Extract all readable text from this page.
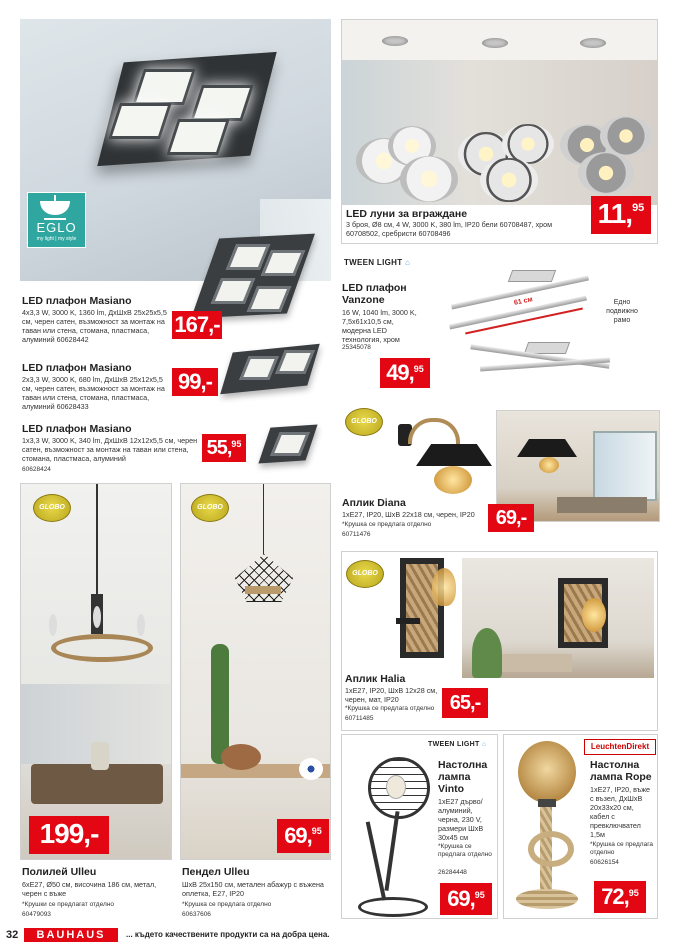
EGLO
my light | my style
LED плафон Masiano
4x3,3 W, 3000 K, 1360 lm, ДхШхВ 25x25x5,5 см, черен сатен, възможност за монтаж на таван или стена, стомана, пластмаса, алуминий 60628442
167,-
LED плафон Masiano
2x3,3 W, 3000 K, 680 lm, ДхШхВ 25x12x5,5 см, черен сатен, възможност за монтаж на таван или стена, стомана, пластмаса, алуминий 60628433
99,-
LED плафон Masiano
1x3,3 W, 3000 K, 340 lm, ДхШхВ 12x12x5,5 см, черен сатен, възможност за монтаж на таван или стена, стомана, пластмаса, алуминий
60628424
55, 95
LED луни за вграждане
3 броя, Ø8 см, 4 W, 3000 K, 380 lm, IP20 бели 60708487, хром 60708502, сребристи 60708496
11, 95
TWEEN LIGHT ⌂
LED плафон Vanzone
16 W, 1040 lm, 3000 K, 7,5x61x10,5 см, модерна LED технология, хром
25345078
61 см	Едно подвижно рамо
49, 95
GLOBO
Аплик Diana
1xE27, IP20, ШхВ 22x18 см, черен, IP20
*Крушка се предлага отделно
60711476
69,-
GLOBO
Аплик Halia
1xE27, IP20, ШхВ 12x28 см, черен, мат, IP20
*Крушка се предлага отделно
60711485
65,-
GLOBO
199,-
Полилей Ulleu
6xE27, Ø50 см, височина 186 см, метал, черен с въже
*Крушки се предлагат отделно
60479093
GLOBO
69, 95
Пендел Ulleu
ШхВ 25x150 см, метален абажур с въжена оплетка, E27, IP20
*Крушка се предлага отделно
60637606
TWEEN LIGHT ⌂
Настолна лампа Vinto
1хE27 дърво/ алуминий, черна, 230 V, размери ШхВ 30x45 см
*Крушка се предлага отделно
26284448
69, 95
LeuchtenDirekt
Настолна лампа Rope
1xE27, IP20, въже с възел, ДхШхВ 20x33x20 см, кабел с превключвател 1,5м
*Крушка се предлага отделно
60626154
72, 95
32	BAUHAUS	... където качествените продукти са на добра цена.
